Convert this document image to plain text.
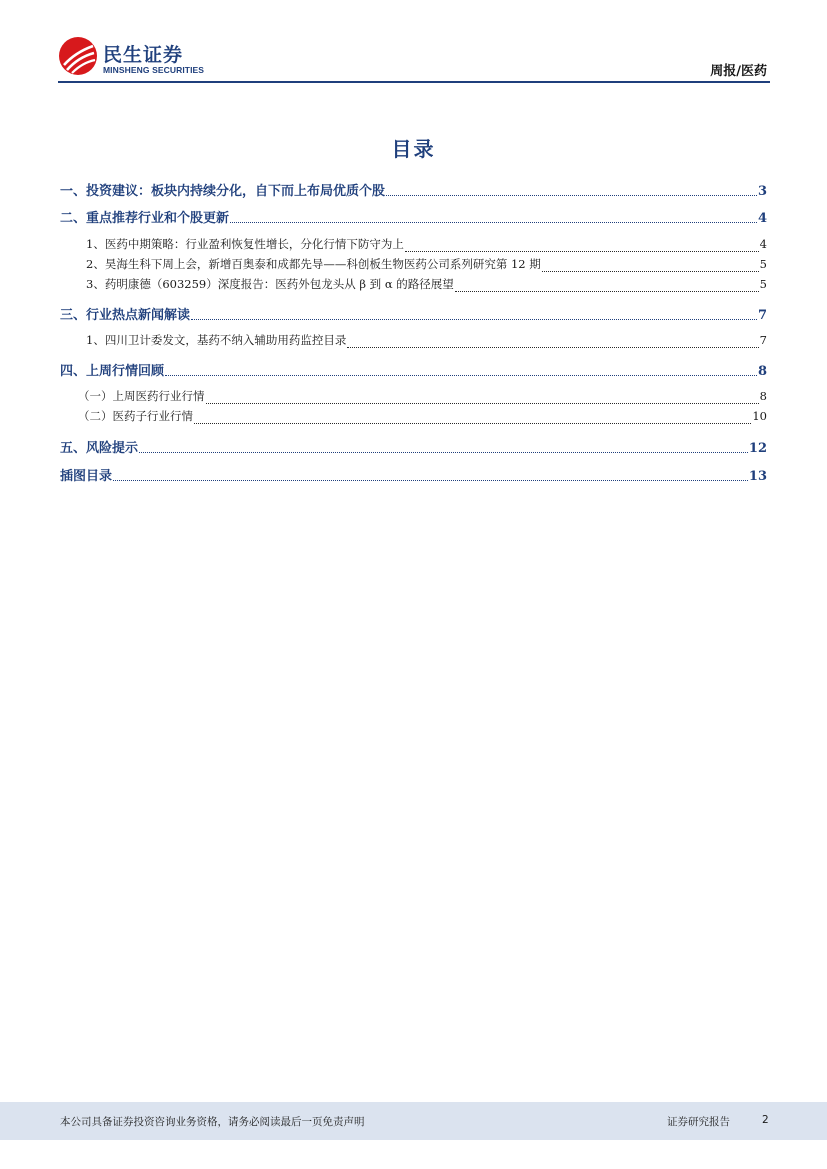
民生证券
MINSHENG SECURITIES	周报/医药
目录
一、投资建议：板块内持续分化，自下而上布局优质个股	3
二、重点推荐行业和个股更新	4
1、医药中期策略：行业盈利恢复性增长，分化行情下防守为上	4
2、昊海生科下周上会，新增百奥泰和成都先导——科创板生物医药公司系列研究第 12 期	5
3、药明康德（603259）深度报告：医药外包龙头从 β 到 α 的路径展望	5
三、行业热点新闻解读	7
1、四川卫计委发文，基药不纳入辅助用药监控目录	7
四、上周行情回顾	8
（一）上周医药行业行情	8
（二）医药子行业行情	10
五、风险提示	12
插图目录	13
本公司具备证券投资咨询业务资格，请务必阅读最后一页免责声明	证券研究报告	2
